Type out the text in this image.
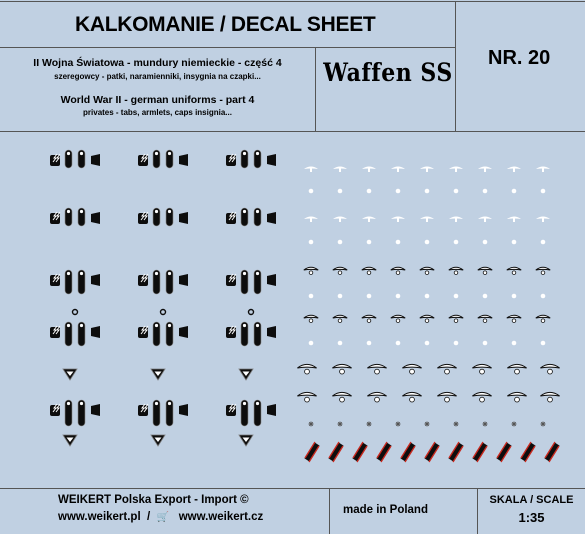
KALKOMANIE / DECAL SHEET
NR. 20
II Wojna Światowa - mundury niemieckie - część 4
szeregowcy - patki, naramienniki, insygnia na czapki...
World War II - german uniforms - part 4
privates - tabs, armlets, caps insignia...
Waffen SS
WEIKERT Polska Export - Import ©
www.weikert.pl  /  🛒 www.weikert.cz
made in Poland
SKALA / SCALE
1:35
